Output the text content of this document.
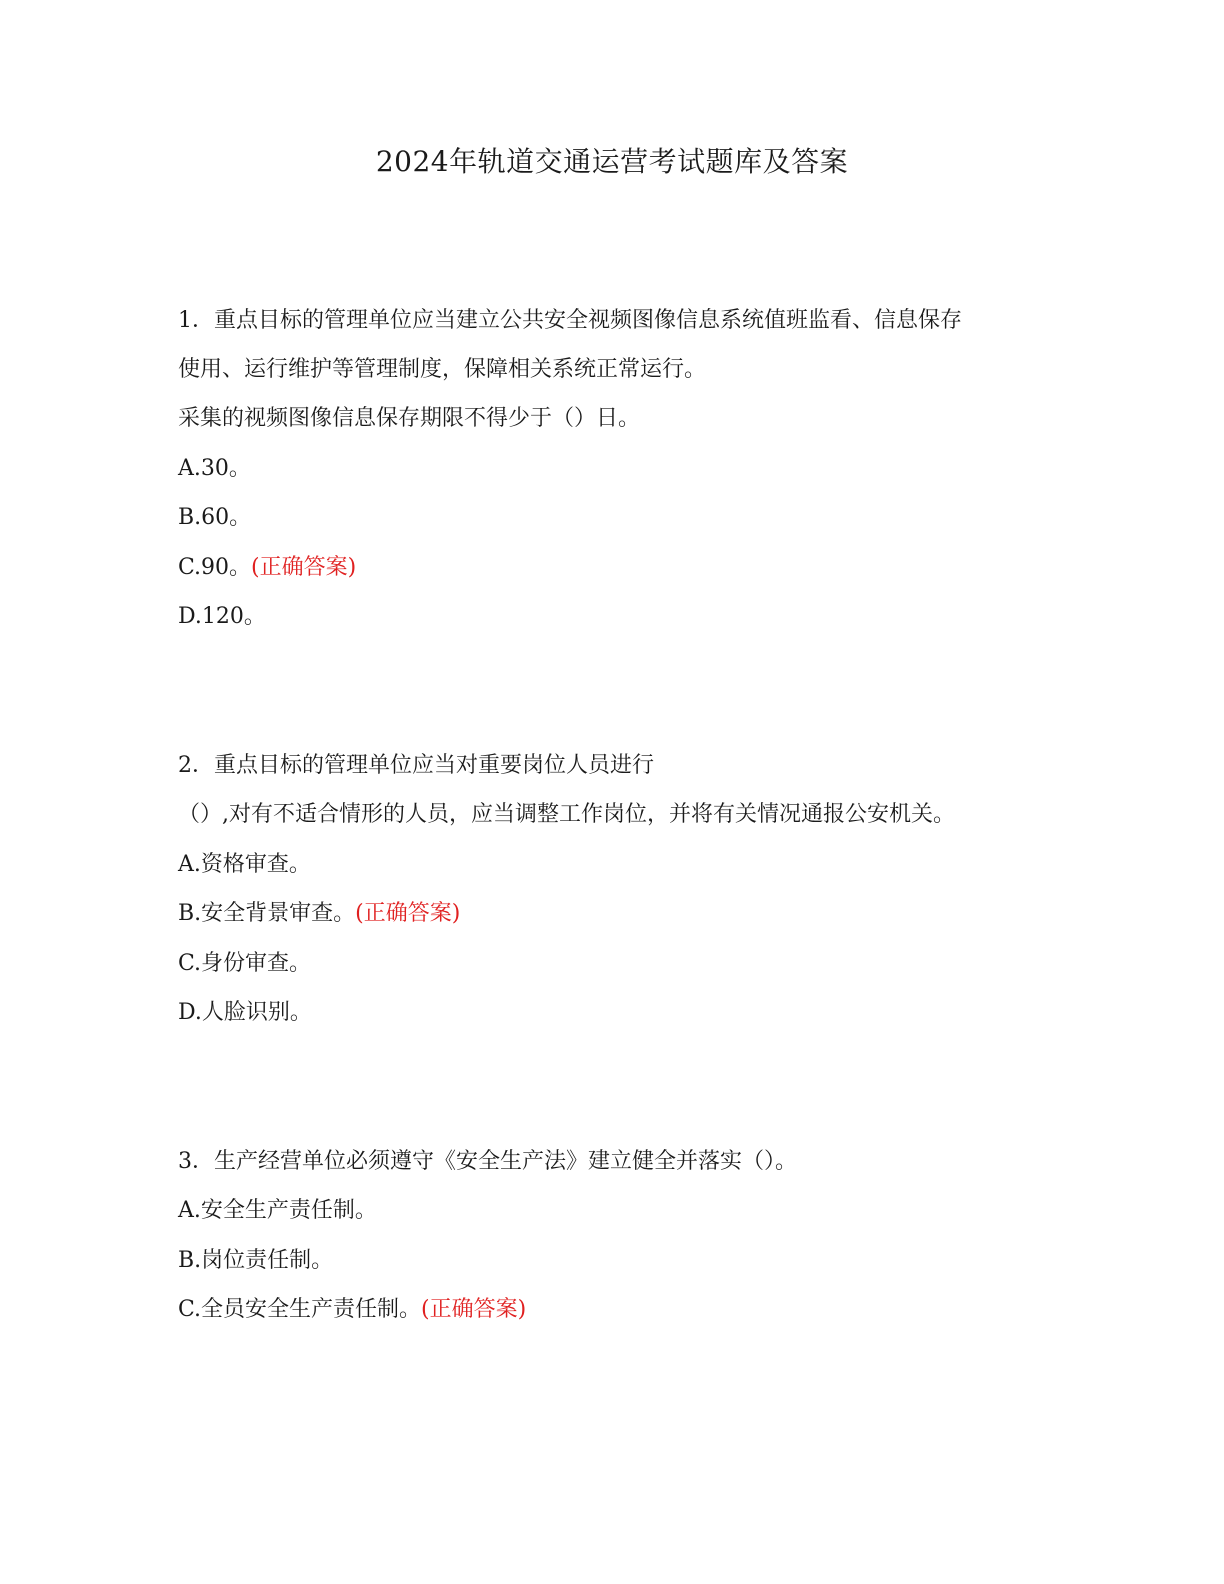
2024年轨道交通运营考试题库及答案
1．重点目标的管理单位应当建立公共安全视频图像信息系统值班监看、信息保存
使用、运行维护等管理制度，保障相关系统正常运行。
采集的视频图像信息保存期限不得少于（）日。
A.30。
B.60。
C.90。(正确答案)
D.120。
2．重点目标的管理单位应当对重要岗位人员进行
（）,对有不适合情形的人员，应当调整工作岗位，并将有关情况通报公安机关。
A.资格审查。
B.安全背景审查。(正确答案)
C.身份审查。
D.人脸识别。
3．生产经营单位必须遵守《安全生产法》建立健全并落实（）。
A.安全生产责任制。
B.岗位责任制。
C.全员安全生产责任制。(正确答案)
